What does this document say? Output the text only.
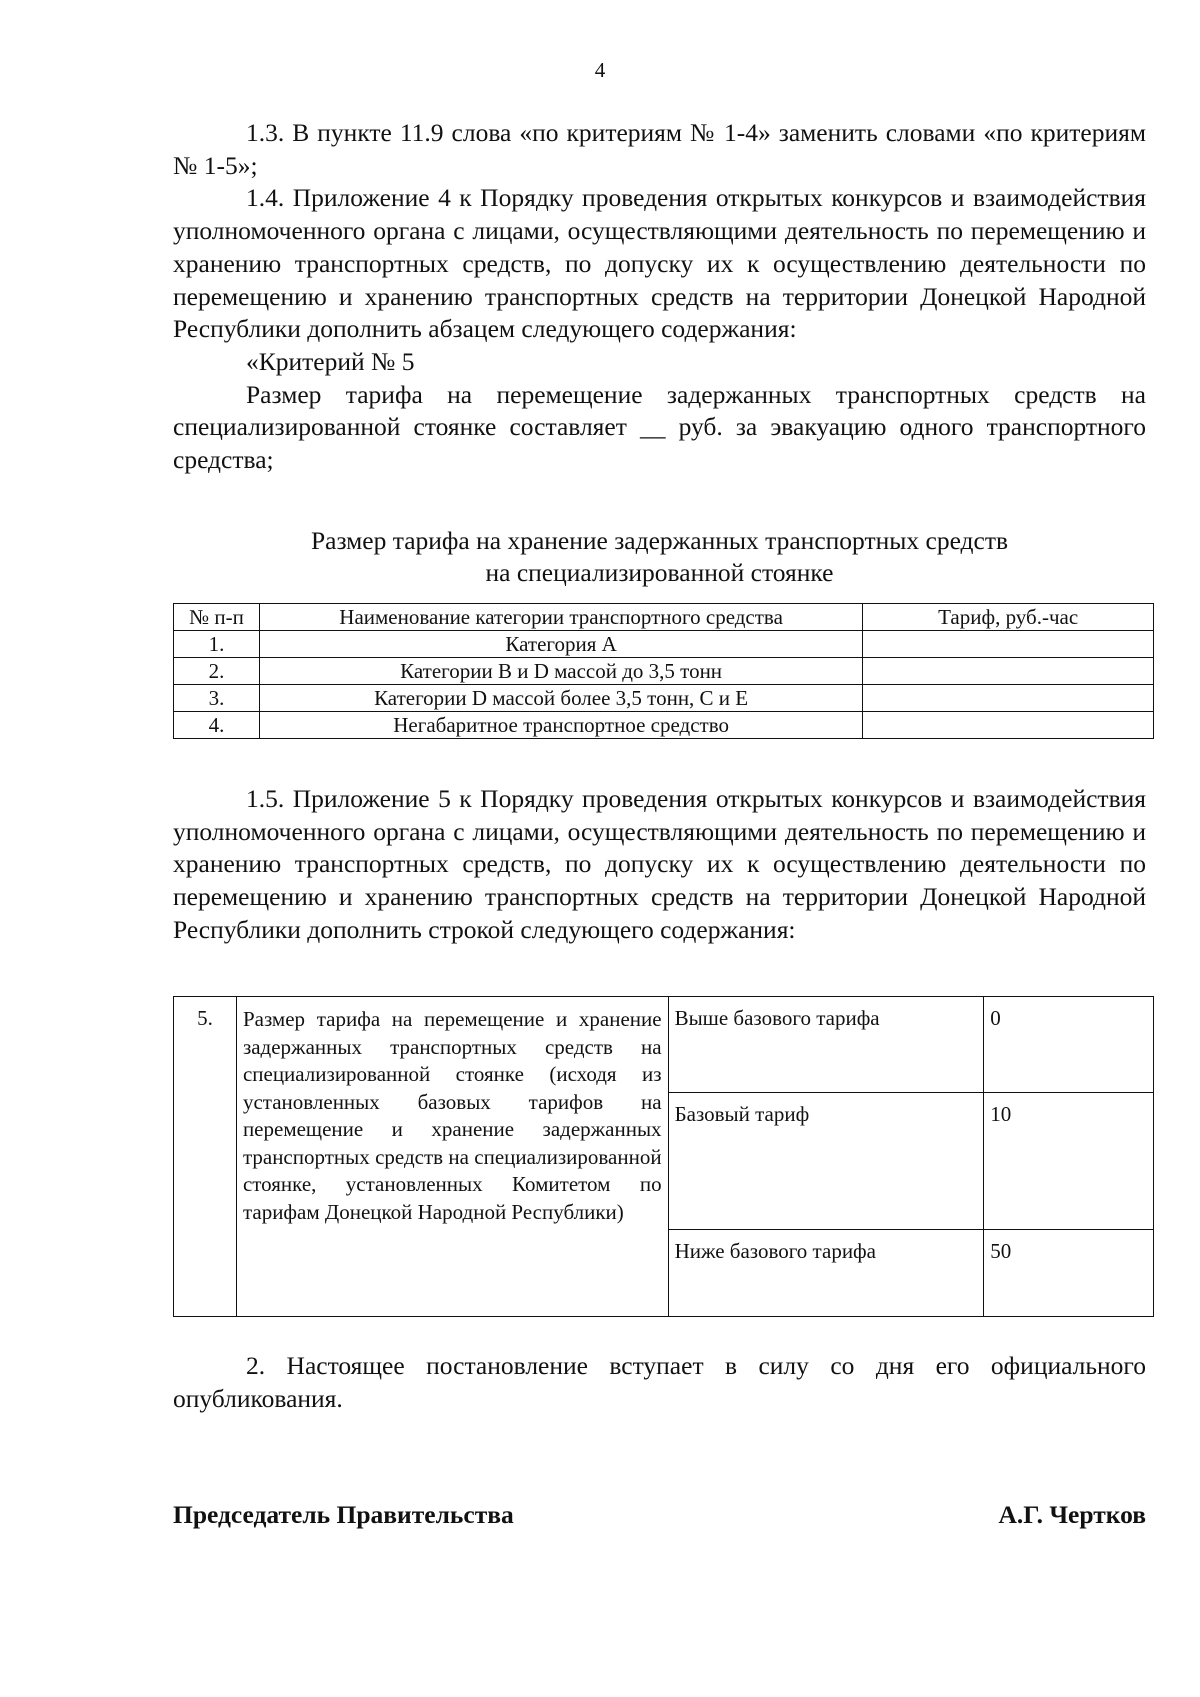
4

1.3. В пункте 11.9 слова «по критериям № 1-4» заменить словами «по критериям № 1-5»;

1.4. Приложение 4 к Порядку проведения открытых конкурсов и взаимодействия уполномоченного органа с лицами, осуществляющими деятельность по перемещению и хранению транспортных средств, по допуску их к осуществлению деятельности по перемещению и хранению транспортных средств на территории Донецкой Народной Республики дополнить абзацем следующего содержания:

«Критерий № 5

Размер тарифа на перемещение задержанных транспортных средств на специализированной стоянке составляет __ руб. за эвакуацию одного транспортного средства;

Размер тарифа на хранение задержанных транспортных средств
на специализированной стоянке
№ п-п	Наименование категории транспортного средства	Тариф, руб.-час
1.	Категория А	
2.	Категории В и D массой до 3,5 тонн	
3.	Категории D массой более 3,5 тонн, С и Е	
4.	Негабаритное транспортное средство	

1.5. Приложение 5 к Порядку проведения открытых конкурсов и взаимодействия уполномоченного органа с лицами, осуществляющими деятельность по перемещению и хранению транспортных средств, по допуску их к осуществлению деятельности по перемещению и хранению транспортных средств на территории Донецкой Народной Республики дополнить строкой следующего содержания:

5.	Размер тарифа на перемещение и хранение задержанных транспортных средств на специализированной стоянке (исходя из установленных базовых тарифов на перемещение и хранение задержанных транспортных средств на специализированной стоянке, установленных Комитетом по тарифам Донецкой Народной Республики)	Выше базового тарифа	0
		Базовый тариф	10
		Ниже базового тарифа	50

2. Настоящее постановление вступает в силу со дня его официального опубликования.

Председатель Правительства	А.Г. Чертков
